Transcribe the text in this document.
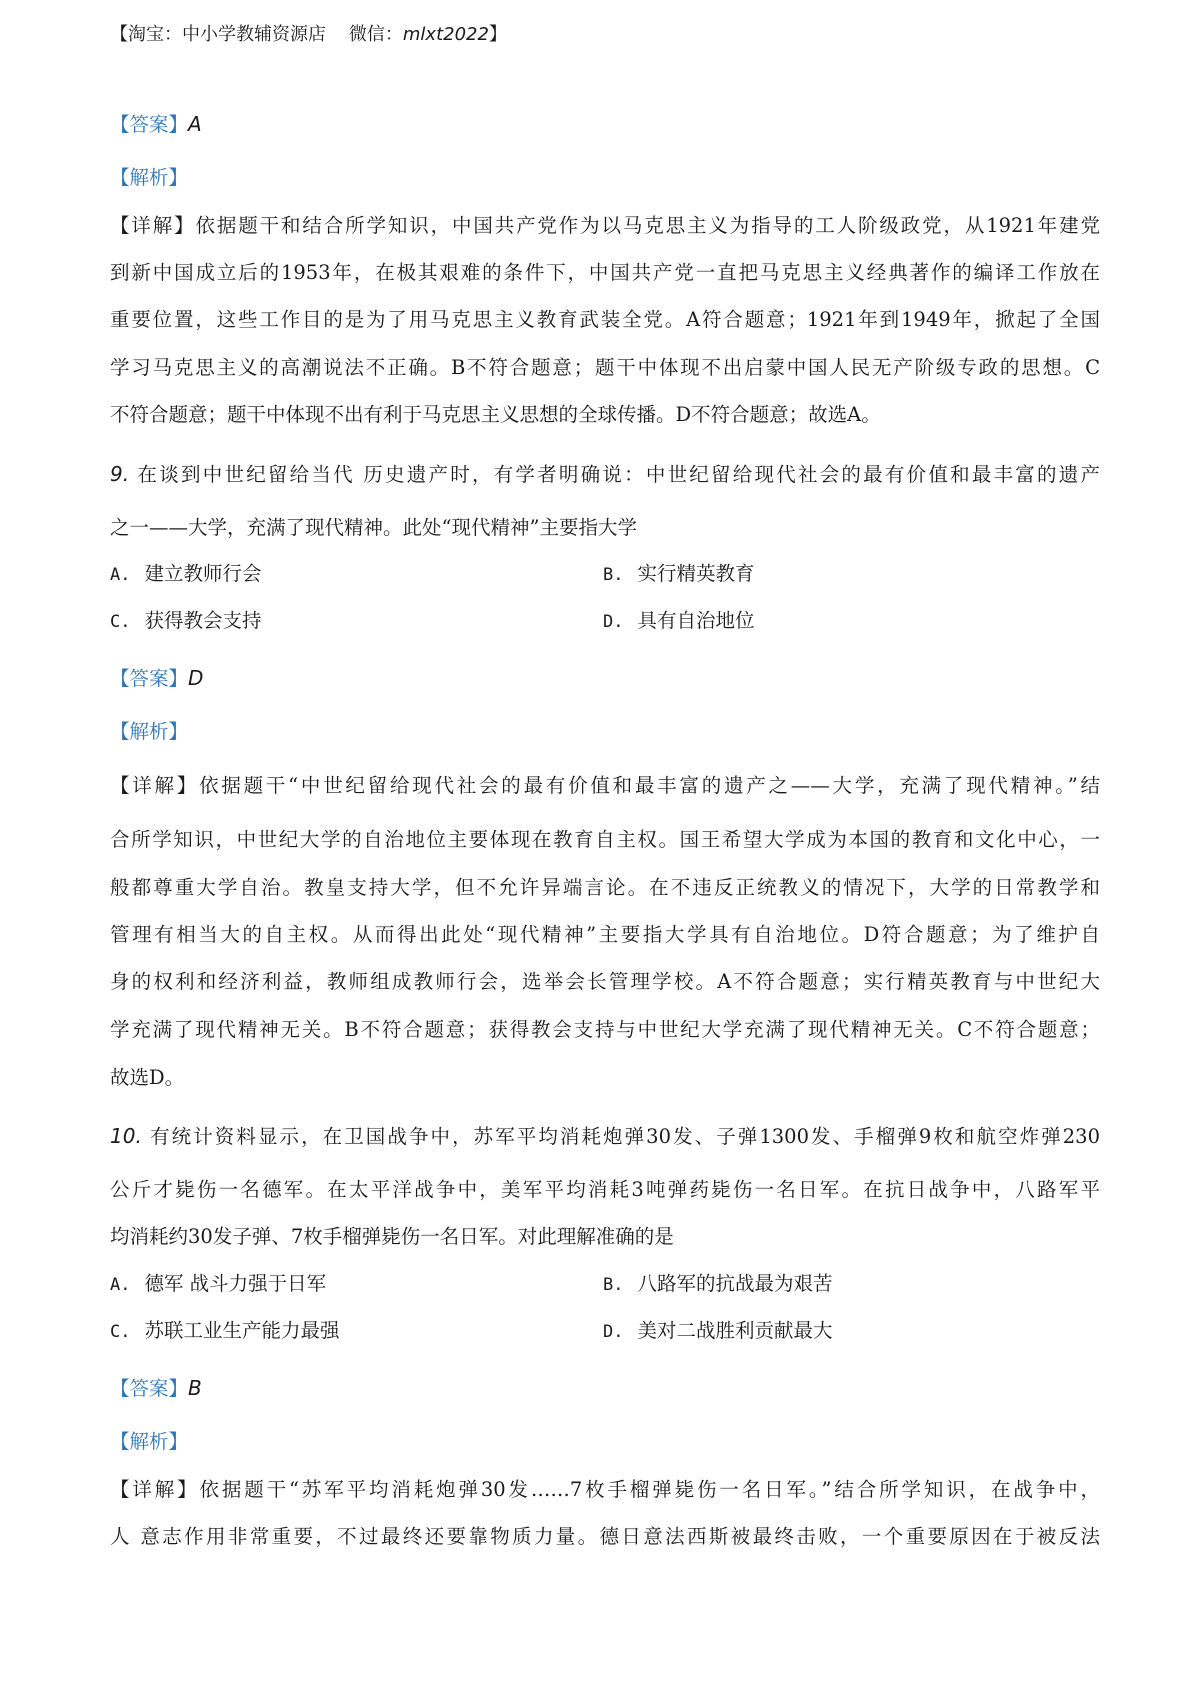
【淘宝：中小学教辅资源店 微信：mlxt2022】
【答案】A
【解析】
【详解】依据题干和结合所学知识，中国共产党作为以马克思主义为指导的工人阶级政党，从1921年建党
到新中国成立后的1953年，在极其艰难的条件下，中国共产党一直把马克思主义经典著作的编译工作放在
重要位置，这些工作目的是为了用马克思主义教育武装全党。A符合题意；1921年到1949年，掀起了全国
学习马克思主义的高潮说法不正确。B不符合题意；题干中体现不出启蒙中国人民无产阶级专政的思想。C
不符合题意；题干中体现不出有利于马克思主义思想的全球传播。D不符合题意；故选A。
9. 在谈到中世纪留给当代 历史遗产时，有学者明确说：中世纪留给现代社会的最有价值和最丰富的遗产
之一——大学，充满了现代精神。此处“现代精神”主要指大学
A. 建立教师行会	B. 实行精英教育
C. 获得教会支持	D. 具有自治地位
【答案】D
【解析】
【详解】依据题干“中世纪留给现代社会的最有价值和最丰富的遗产之——大学，充满了现代精神。”结
合所学知识，中世纪大学的自治地位主要体现在教育自主权。国王希望大学成为本国的教育和文化中心，一
般都尊重大学自治。教皇支持大学，但不允许异端言论。在不违反正统教义的情况下，大学的日常教学和
管理有相当大的自主权。从而得出此处“现代精神”主要指大学具有自治地位。D符合题意；为了维护自
身的权利和经济利益，教师组成教师行会，选举会长管理学校。A不符合题意；实行精英教育与中世纪大
学充满了现代精神无关。B不符合题意；获得教会支持与中世纪大学充满了现代精神无关。C不符合题意；
故选D。
10. 有统计资料显示，在卫国战争中，苏军平均消耗炮弹30发、子弹1300发、手榴弹9枚和航空炸弹230
公斤才毙伤一名德军。在太平洋战争中，美军平均消耗3吨弹药毙伤一名日军。在抗日战争中，八路军平
均消耗约30发子弹、7枚手榴弹毙伤一名日军。对此理解准确的是
A. 德军 战斗力强于日军	B. 八路军的抗战最为艰苦
C. 苏联工业生产能力最强	D. 美对二战胜利贡献最大
【答案】B
【解析】
【详解】依据题干“苏军平均消耗炮弹30发……7枚手榴弹毙伤一名日军。”结合所学知识，在战争中，
人 意志作用非常重要，不过最终还要靠物质力量。德日意法西斯被最终击败，一个重要原因在于被反法
